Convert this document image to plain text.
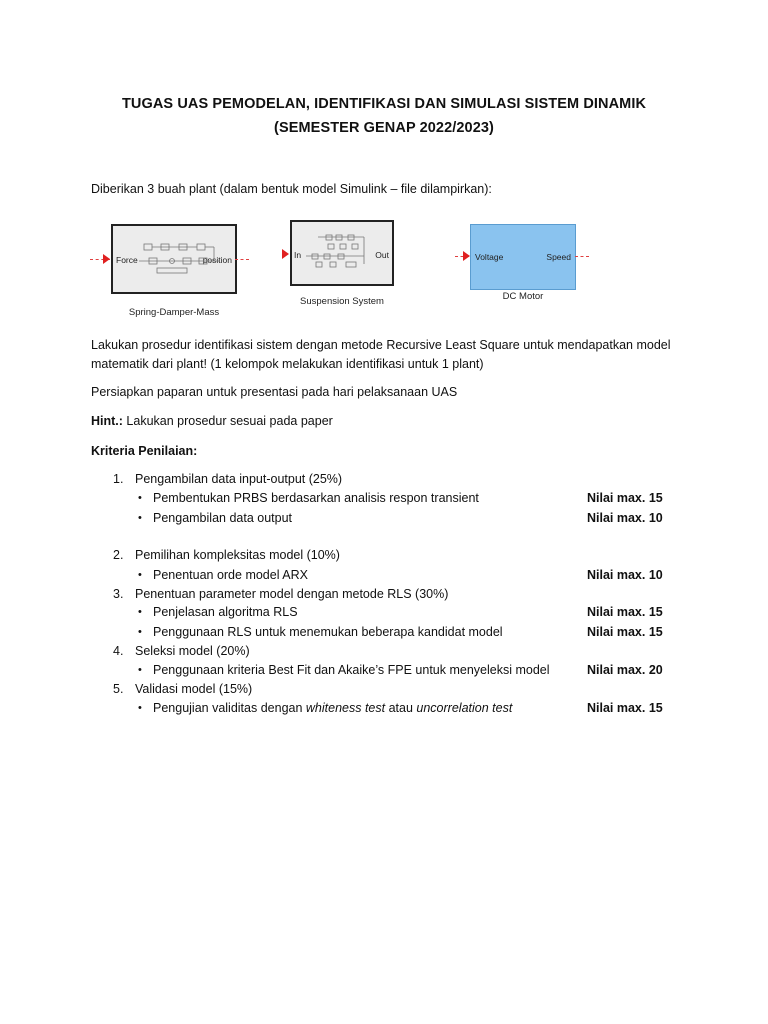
TUGAS UAS PEMODELAN, IDENTIFIKASI DAN SIMULASI SISTEM DINAMIK
(SEMESTER GENAP 2022/2023)
Diberikan 3 buah plant (dalam bentuk model Simulink – file dilampirkan):
Force	position
Spring-Damper-Mass
In	Out
Suspension System
Voltage	Speed
DC Motor
Lakukan prosedur identifikasi sistem dengan metode Recursive Least Square untuk mendapatkan model
matematik dari plant! (1 kelompok melakukan identifikasi untuk 1 plant)
Persiapkan paparan untuk presentasi pada hari pelaksanaan UAS
Hint.: Lakukan prosedur sesuai pada paper
Kriteria Penilaian:
1. Pengambilan data input-output (25%)
• Pembentukan PRBS berdasarkan analisis respon transient	Nilai max. 15
• Pengambilan data output	Nilai max. 10
2. Pemilihan kompleksitas model (10%)
• Penentuan orde model ARX	Nilai max. 10
3. Penentuan parameter model dengan metode RLS (30%)
• Penjelasan algoritma RLS	Nilai max. 15
• Penggunaan RLS untuk menemukan beberapa kandidat model	Nilai max. 15
4. Seleksi model (20%)
• Penggunaan kriteria Best Fit dan Akaike’s FPE untuk menyeleksi model	Nilai max. 20
5. Validasi model (15%)
• Pengujian validitas dengan whiteness test atau uncorrelation test	Nilai max. 15
